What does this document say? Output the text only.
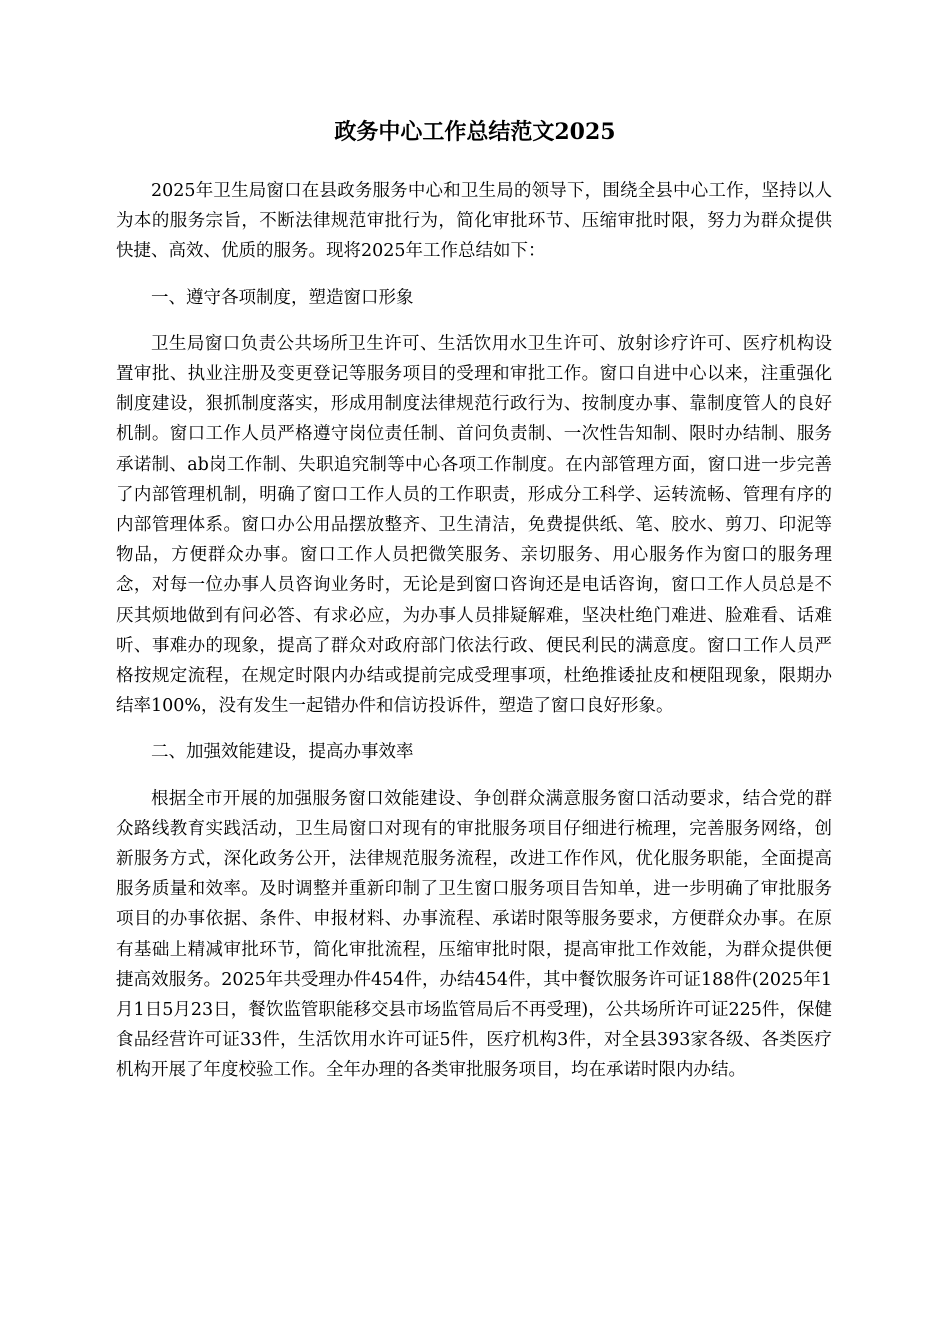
政务中心工作总结范文2025

2025年卫生局窗口在县政务服务中心和卫生局的领导下，围绕全县中心工作，坚持以人为本的服务宗旨，不断法律规范审批行为，简化审批环节、压缩审批时限，努力为群众提供快捷、高效、优质的服务。现将2025年工作总结如下：

一、遵守各项制度，塑造窗口形象

卫生局窗口负责公共场所卫生许可、生活饮用水卫生许可、放射诊疗许可、医疗机构设置审批、执业注册及变更登记等服务项目的受理和审批工作。窗口自进中心以来，注重强化制度建设，狠抓制度落实，形成用制度法律规范行政行为、按制度办事、靠制度管人的良好机制。窗口工作人员严格遵守岗位责任制、首问负责制、一次性告知制、限时办结制、服务承诺制、ab岗工作制、失职追究制等中心各项工作制度。在内部管理方面，窗口进一步完善了内部管理机制，明确了窗口工作人员的工作职责，形成分工科学、运转流畅、管理有序的内部管理体系。窗口办公用品摆放整齐、卫生清洁，免费提供纸、笔、胶水、剪刀、印泥等物品，方便群众办事。窗口工作人员把微笑服务、亲切服务、用心服务作为窗口的服务理念，对每一位办事人员咨询业务时，无论是到窗口咨询还是电话咨询，窗口工作人员总是不厌其烦地做到有问必答、有求必应，为办事人员排疑解难，坚决杜绝门难进、脸难看、话难听、事难办的现象，提高了群众对政府部门依法行政、便民利民的满意度。窗口工作人员严格按规定流程，在规定时限内办结或提前完成受理事项，杜绝推诿扯皮和梗阻现象，限期办结率100%，没有发生一起错办件和信访投诉件，塑造了窗口良好形象。

二、加强效能建设，提高办事效率

根据全市开展的加强服务窗口效能建设、争创群众满意服务窗口活动要求，结合党的群众路线教育实践活动，卫生局窗口对现有的审批服务项目仔细进行梳理，完善服务网络，创新服务方式，深化政务公开，法律规范服务流程，改进工作作风，优化服务职能，全面提高服务质量和效率。及时调整并重新印制了卫生窗口服务项目告知单，进一步明确了审批服务项目的办事依据、条件、申报材料、办事流程、承诺时限等服务要求，方便群众办事。在原有基础上精减审批环节，简化审批流程，压缩审批时限，提高审批工作效能，为群众提供便捷高效服务。2025年共受理办件454件，办结454件，其中餐饮服务许可证188件(2025年1月1日5月23日，餐饮监管职能移交县市场监管局后不再受理)，公共场所许可证225件，保健食品经营许可证33件，生活饮用水许可证5件，医疗机构3件，对全县393家各级、各类医疗机构开展了年度校验工作。全年办理的各类审批服务项目，均在承诺时限内办结。
